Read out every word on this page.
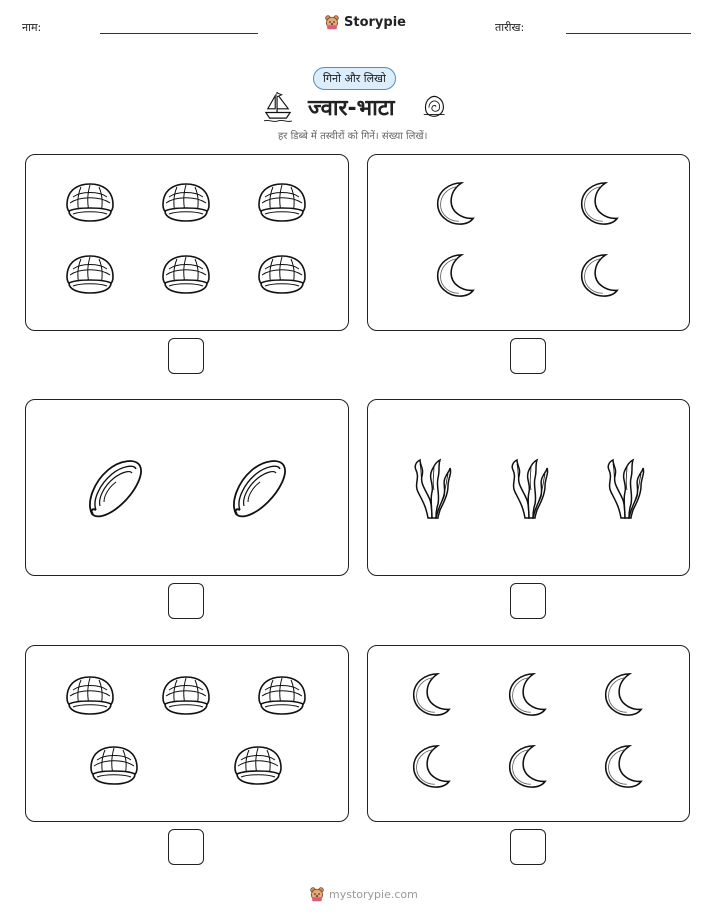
नाम:	Storypie	तारीख:
गिनो और लिखो
ज्वार-भाटा
हर डिब्बे में तस्वीरों को गिनें। संख्या लिखें।
mystorypie.com
